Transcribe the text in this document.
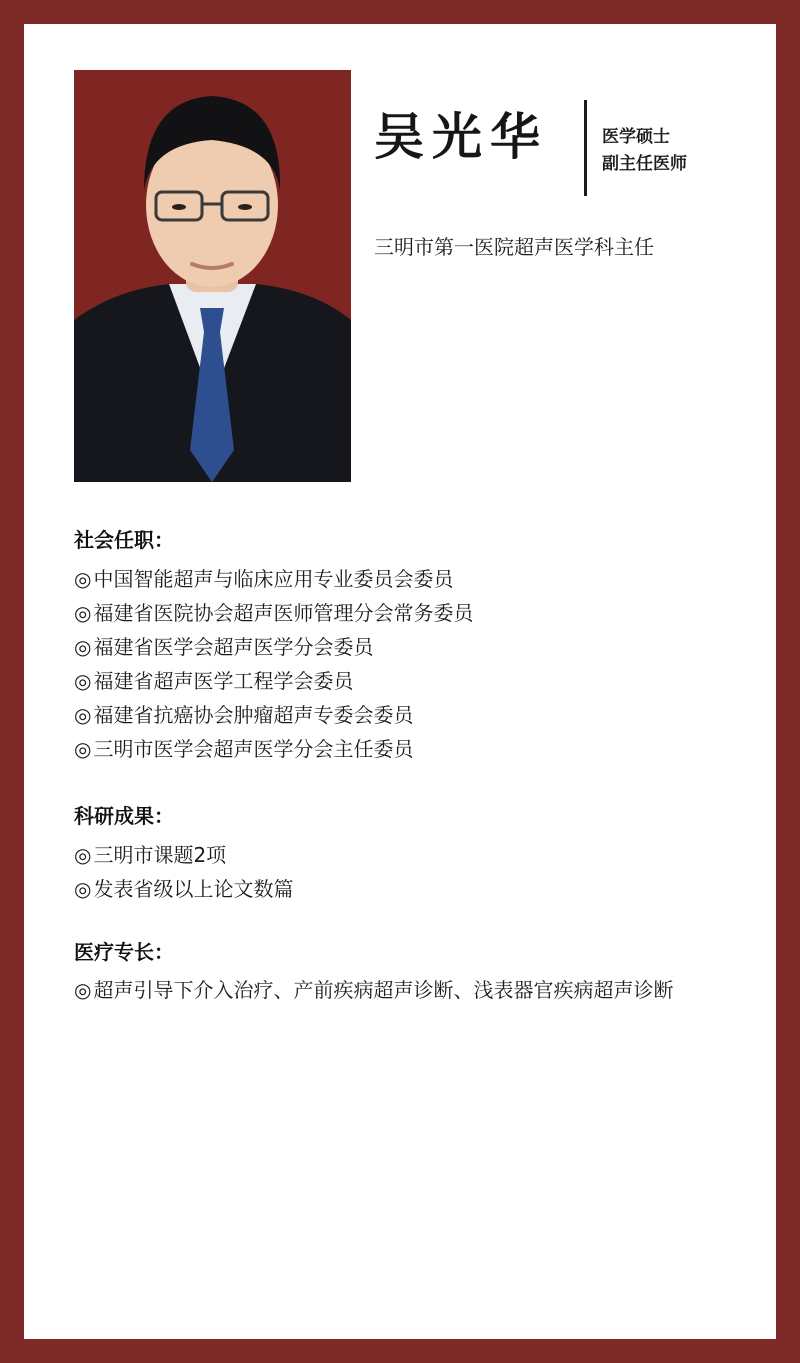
吴光华	医学硕士
副主任医师
三明市第一医院超声医学科主任
社会任职：
◎ 中国智能超声与临床应用专业委员会委员
◎ 福建省医院协会超声医师管理分会常务委员
◎ 福建省医学会超声医学分会委员
◎ 福建省超声医学工程学会委员
◎ 福建省抗癌协会肿瘤超声专委会委员
◎ 三明市医学会超声医学分会主任委员
科研成果：
◎ 三明市课题2项
◎ 发表省级以上论文数篇
医疗专长：
◎ 超声引导下介入治疗、产前疾病超声诊断、浅表器官疾病超声诊断
